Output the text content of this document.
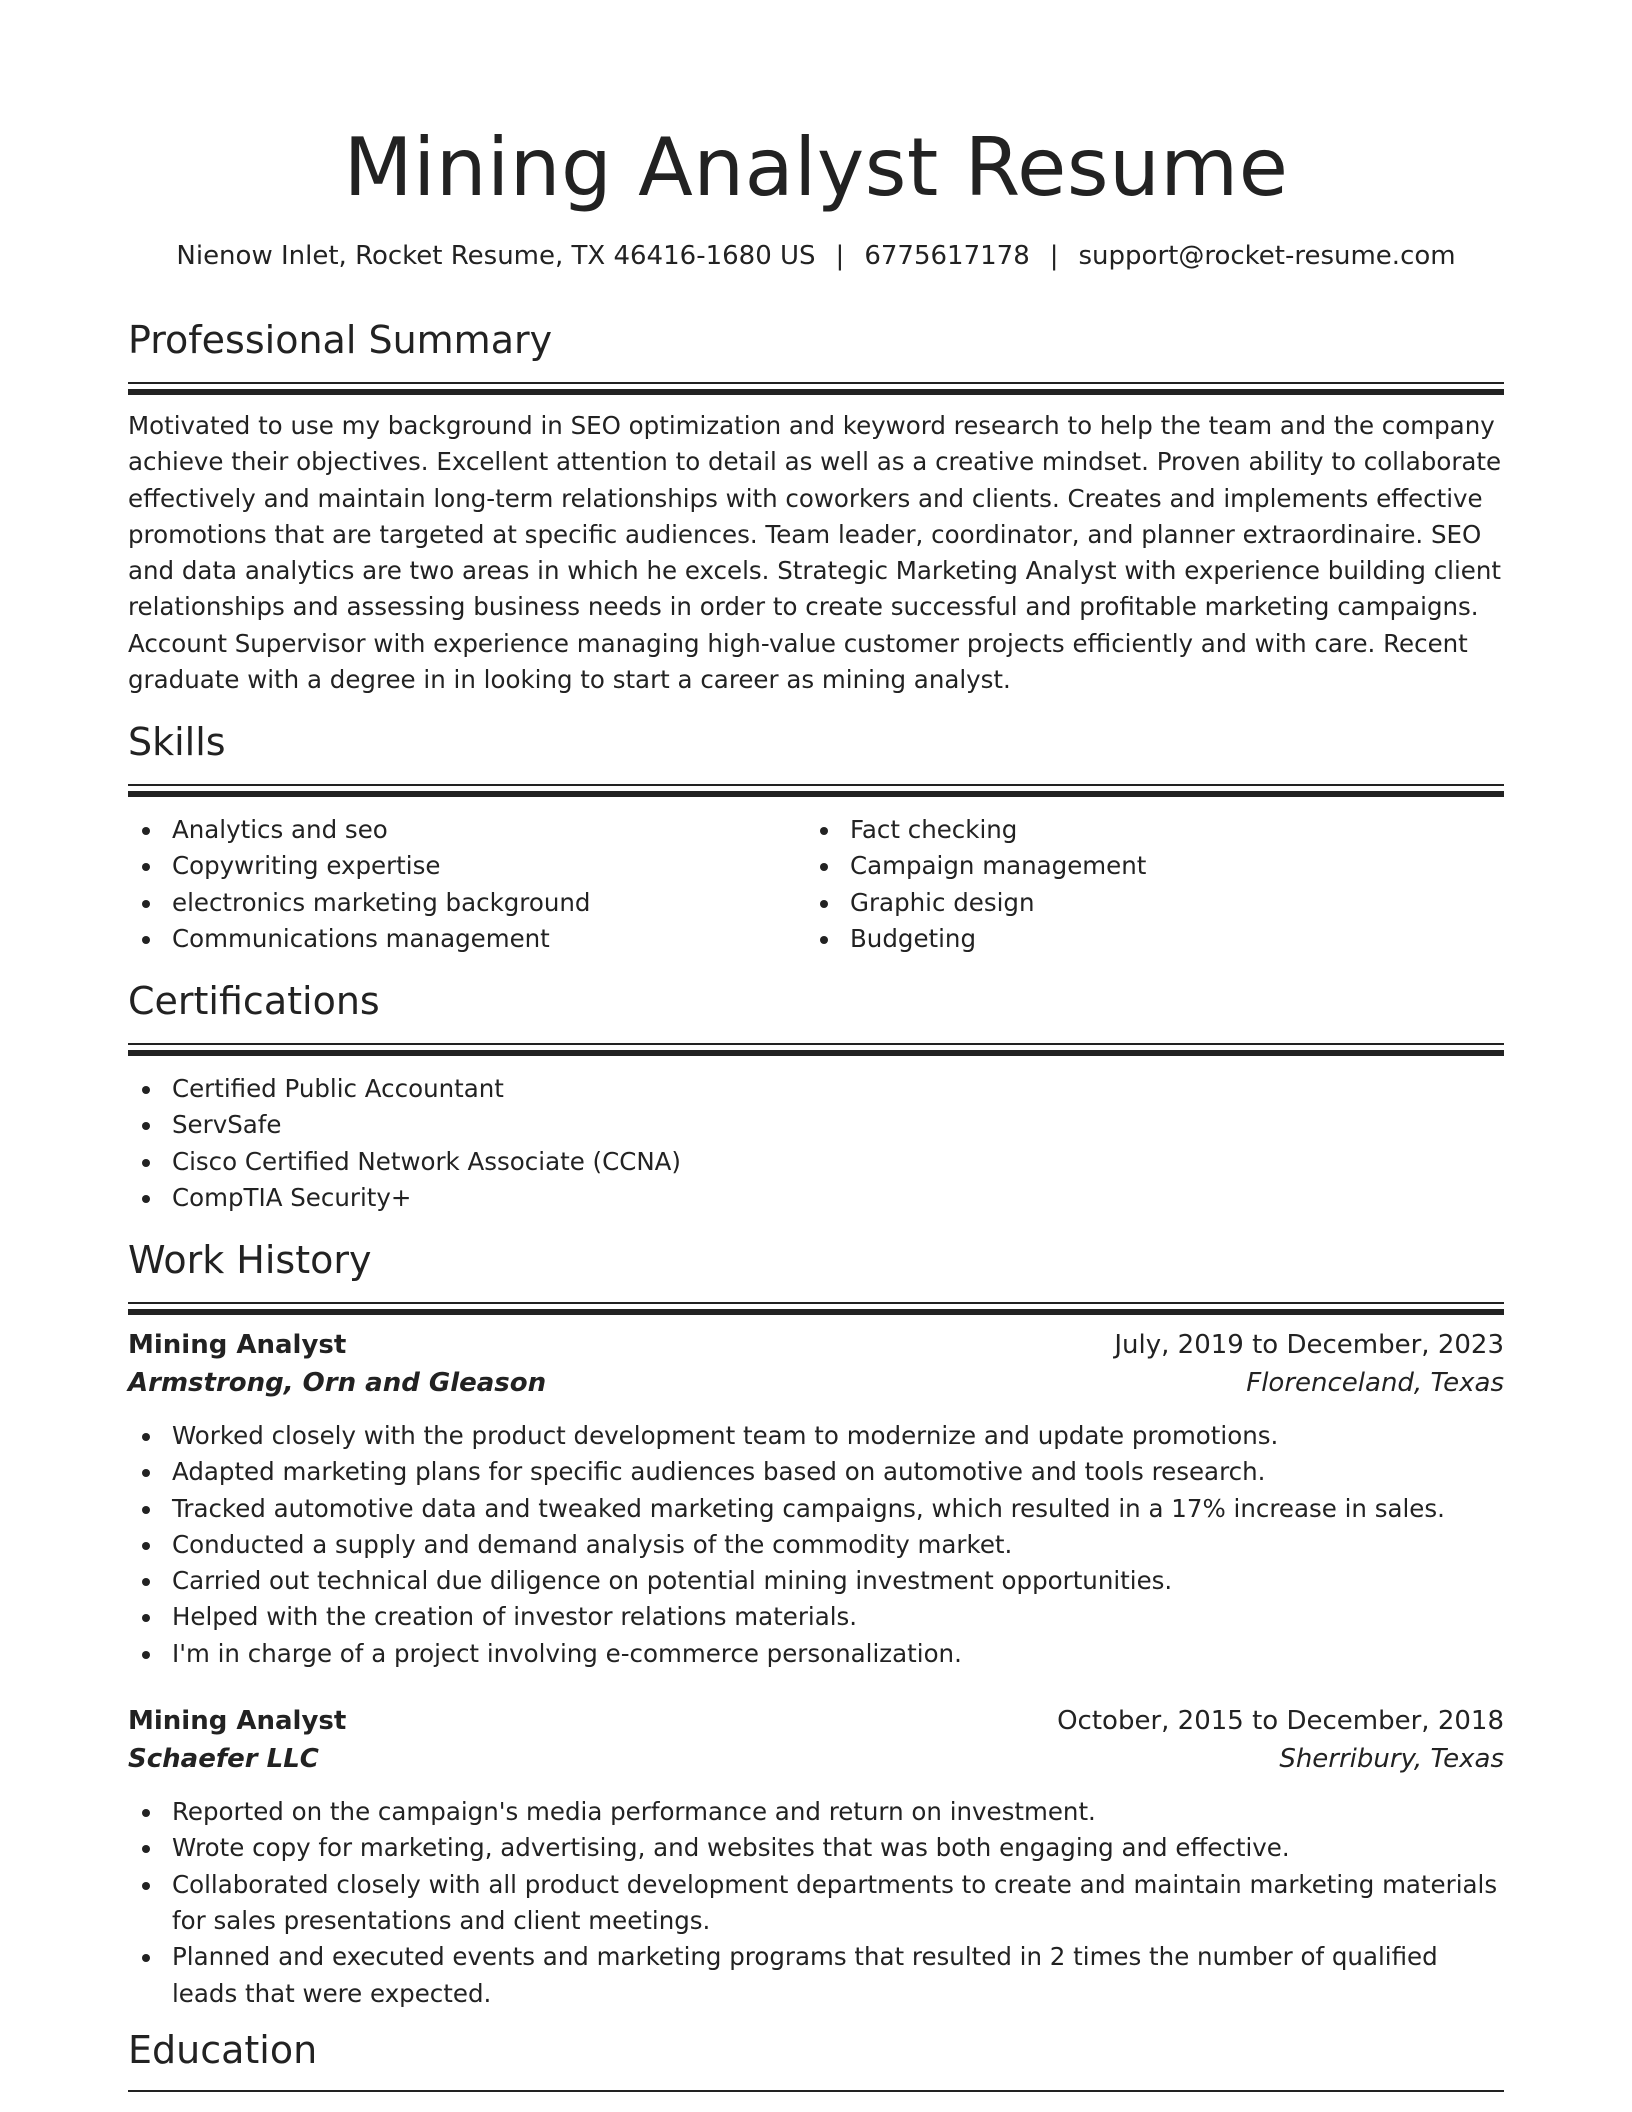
Mining Analyst Resume
Nienow Inlet, Rocket Resume, TX 46416-1680 US | 6775617178 | support@rocket-resume.com
Professional Summary

Motivated to use my background in SEO optimization and keyword research to help the team and the company achieve their objectives. Excellent attention to detail as well as a creative mindset. Proven ability to collaborate effectively and maintain long-term relationships with coworkers and clients. Creates and implements effective promotions that are targeted at specific audiences. Team leader, coordinator, and planner extraordinaire. SEO and data analytics are two areas in which he excels. Strategic Marketing Analyst with experience building client relationships and assessing business needs in order to create successful and profitable marketing campaigns. Account Supervisor with experience managing high-value customer projects efficiently and with care. Recent graduate with a degree in in looking to start a career as mining analyst.

Skills
Analytics and seo
Copywriting expertise
electronics marketing background
Communications management
Fact checking
Campaign management
Graphic design
Budgeting
Certifications
Certified Public Accountant
ServSafe
Cisco Certified Network Associate (CCNA)
CompTIA Security+
Work History
Mining Analyst	July, 2019 to December, 2023
Armstrong, Orn and Gleason	Florenceland, Texas
Worked closely with the product development team to modernize and update promotions.
Adapted marketing plans for specific audiences based on automotive and tools research.
Tracked automotive data and tweaked marketing campaigns, which resulted in a 17% increase in sales.
Conducted a supply and demand analysis of the commodity market.
Carried out technical due diligence on potential mining investment opportunities.
Helped with the creation of investor relations materials.
I'm in charge of a project involving e-commerce personalization.
Mining Analyst	October, 2015 to December, 2018
Schaefer LLC	Sherribury, Texas
Reported on the campaign's media performance and return on investment.
Wrote copy for marketing, advertising, and websites that was both engaging and effective.
Collaborated closely with all product development departments to create and maintain marketing materials for sales presentations and client meetings.
Planned and executed events and marketing programs that resulted in 2 times the number of qualified leads that were expected.
Education
